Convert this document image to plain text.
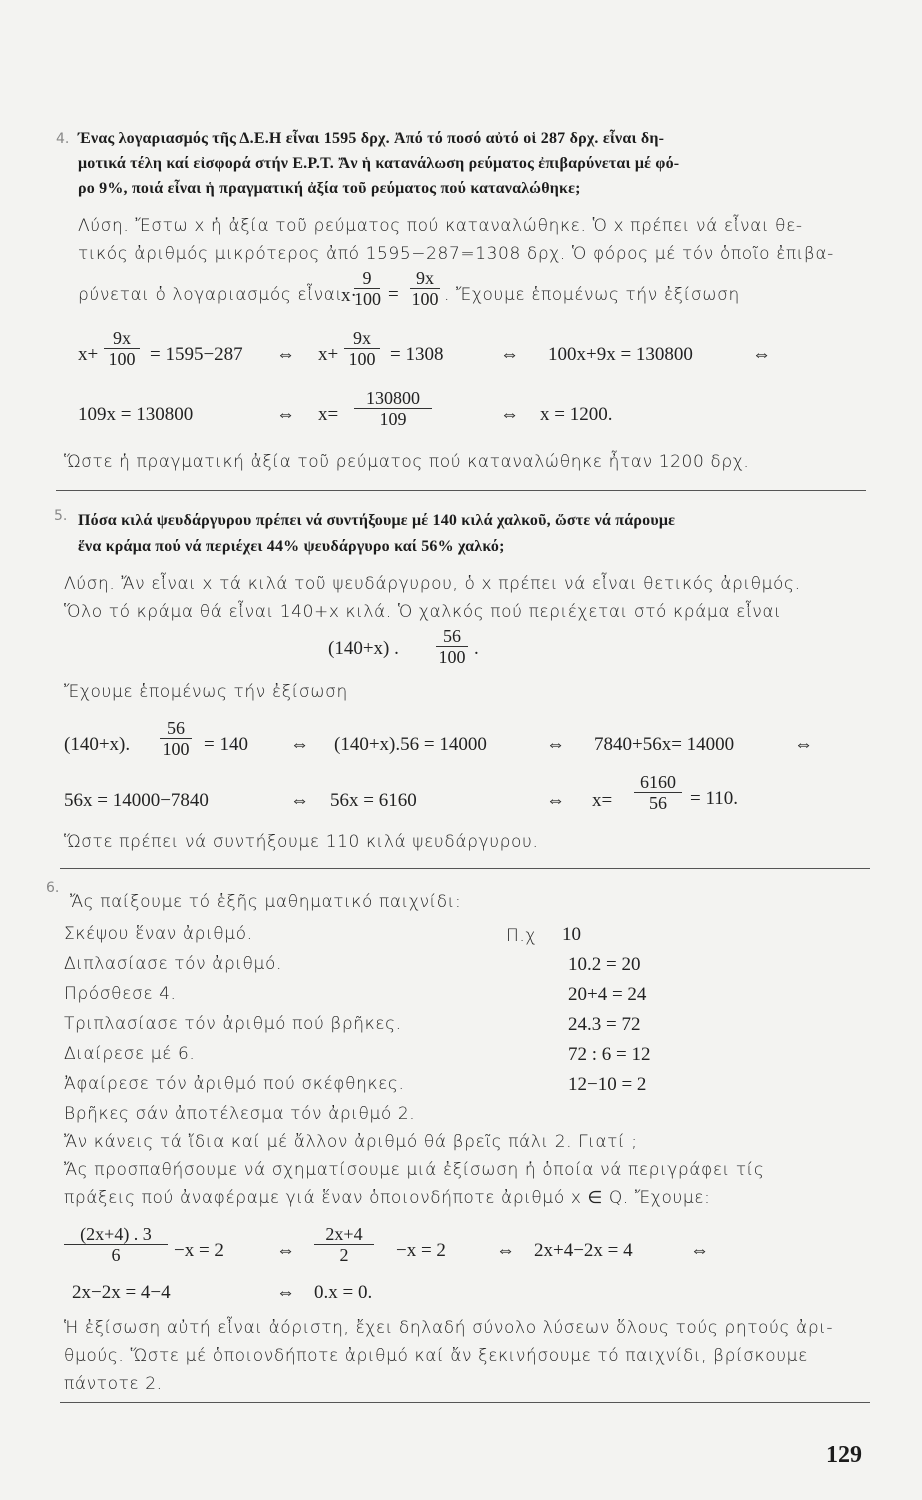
4. Ένας λογαριασμός τῆς Δ.Ε.Η εἶναι 1595 δρχ. Ἀπό τό ποσό αὐτό οἱ 287 δρχ. εἶναι δη-
μοτικά τέλη καί εἰσφορά στήν Ε.Ρ.Τ. Ἄν ἡ κατανάλωση ρεύματος ἐπιβαρύνεται μέ φό-
ρο 9%, ποιά εἶναι ἡ πραγματική ἀξία τοῦ ρεύματος πού καταναλώθηκε;
Λύση. Ἔστω x ἡ ἀξία τοῦ ρεύματος πού καταναλώθηκε. Ὁ x πρέπει νά εἶναι θε-
τικός ἀριθμός μικρότερος ἀπό 1595−287=1308 δρχ. Ὁ φόρος μέ τόν ὁποῖο ἐπιβα-
ρύνεται ὁ λογαριασμός εἶναι
x·
$\frac{9}{100} = \frac{9x}{100}$ . Ἔχουμε ἑπομένως τήν ἐξίσωση
$x+ \frac{9x}{100} = 1595-287$ ⇔ $x+ \frac{9x}{100} = 1308$	⇔ 100x+9x = 130800	⇔
109x = 130800	⇔ $x= \frac{130800}{109}$	⇔ x = 1200.
Ὥστε ἡ πραγματική ἀξία τοῦ ρεύματος πού καταναλώθηκε ἦταν 1200 δρχ.
5. Πόσα κιλά ψευδάργυρου πρέπει νά συντήξουμε μέ 140 κιλά χαλκοῦ, ὥστε νά πάρουμε
ἕνα κράμα πού νά περιέχει 44% ψευδάργυρο καί 56% χαλκό;
Λύση. Ἄν εἶναι x τά κιλά τοῦ ψευδάργυρου, ὁ x πρέπει νά εἶναι θετικός ἀριθμός.
Ὅλο τό κράμα θά εἶναι 140+x κιλά. Ὁ χαλκός πού περιέχεται στό κράμα εἶναι
(140+x) . $\frac{56}{100}$ .
Ἔχουμε ἑπομένως τήν ἐξίσωση
(140+x). $\frac{56}{100} = 140$ ⇔ (140+x).56 = 14000	⇔ 7840+56x= 14000	⇔
56x = 14000−7840	⇔ 56x = 6160	⇔ $x= \frac{6160}{56} = 110$.
Ὥστε πρέπει νά συντήξουμε 110 κιλά ψευδάργυρου.
6.
Ἄς παίξουμε τό ἑξῆς μαθηματικό παιχνίδι:
Π.χ
Σκέψου ἕναν ἀριθμό.	10
Διπλασίασε τόν ἀριθμό.	10.2 = 20
Πρόσθεσε 4.	20+4 = 24
Τριπλασίασε τόν ἀριθμό πού βρῆκες.	24.3 = 72
Διαίρεσε μέ 6.	72 : 6 = 12
Ἀφαίρεσε τόν ἀριθμό πού σκέφθηκες.	12−10 = 2
Βρῆκες σάν ἀποτέλεσμα τόν ἀριθμό 2.
Ἄν κάνεις τά ἴδια καί μέ ἄλλον ἀριθμό θά βρεῖς πάλι 2. Γιατί ;
Ἄς προσπαθήσουμε νά σχηματίσουμε μιά ἐξίσωση ἡ ὁποία νά περιγράφει τίς
πράξεις πού ἀναφέραμε γιά ἕναν ὁποιονδήποτε ἀριθμό x ∈ Q. Ἔχουμε:
$\frac{(2x+4) . 3}{6} -x = 2$	⇔ $\frac{2x+4}{2} -x = 2$	⇔ 2x+4−2x = 4	⇔
2x−2x = 4−4	⇔ 0.x = 0.
Ἡ ἐξίσωση αὐτή εἶναι ἀόριστη, ἔχει δηλαδή σύνολο λύσεων ὅλους τούς ρητούς ἀρι-
θμούς. Ὥστε μέ ὁποιονδήποτε ἀριθμό καί ἄν ξεκινήσουμε τό παιχνίδι, βρίσκουμε
πάντοτε 2.
129
